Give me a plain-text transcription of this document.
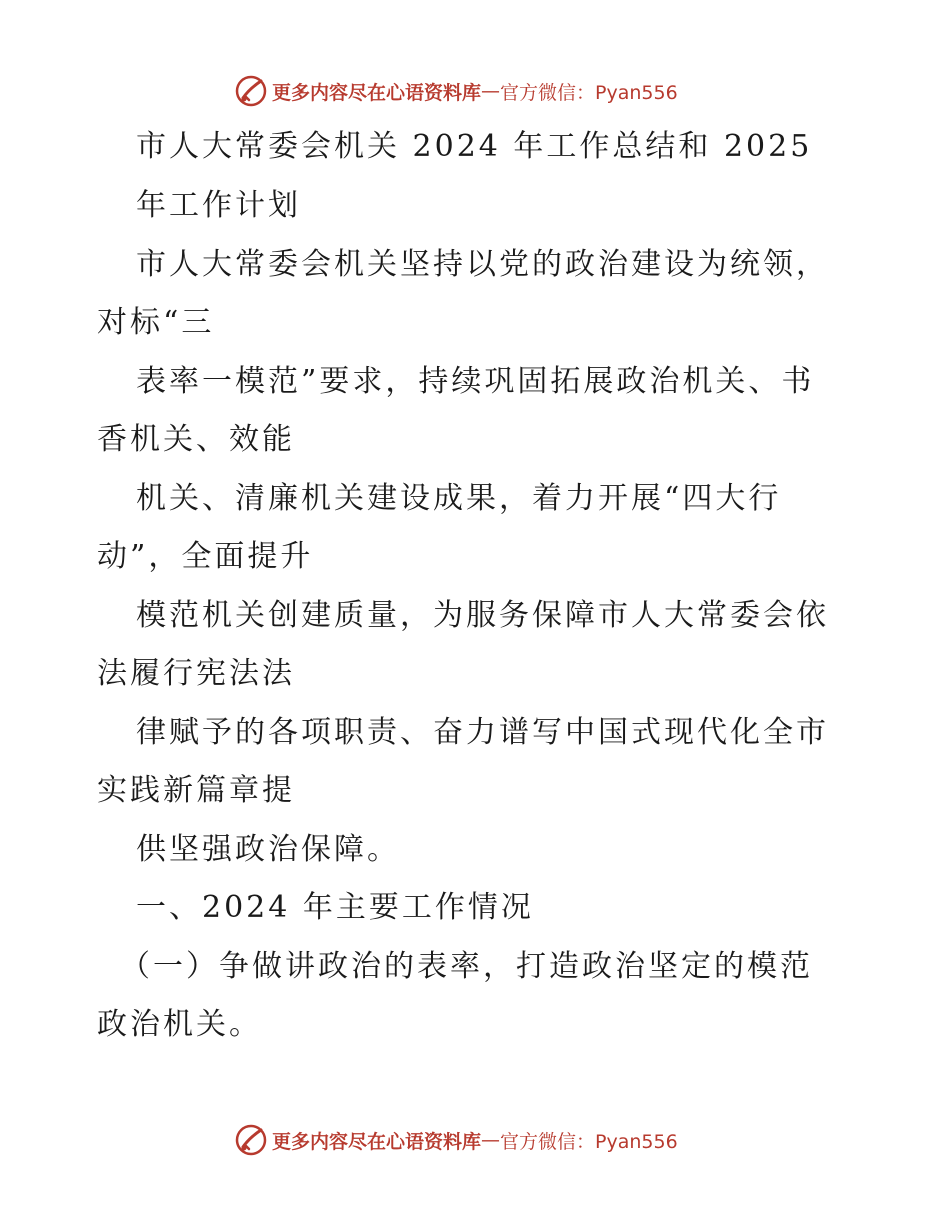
更多内容尽在心语资料库 — 官方微信：Pyan556
市人大常委会机关 2024 年工作总结和 2025
年工作计划
市人大常委会机关坚持以党的政治建设为统领，
对标“三
表率一模范”要求，持续巩固拓展政治机关、书
香机关、效能
机关、清廉机关建设成果，着力开展“四大行
动”，全面提升
模范机关创建质量，为服务保障市人大常委会依
法履行宪法法
律赋予的各项职责、奋力谱写中国式现代化全市
实践新篇章提
供坚强政治保障。
一、2024 年主要工作情况
（一）争做讲政治的表率，打造政治坚定的模范
政治机关。
更多内容尽在心语资料库 — 官方微信：Pyan556
